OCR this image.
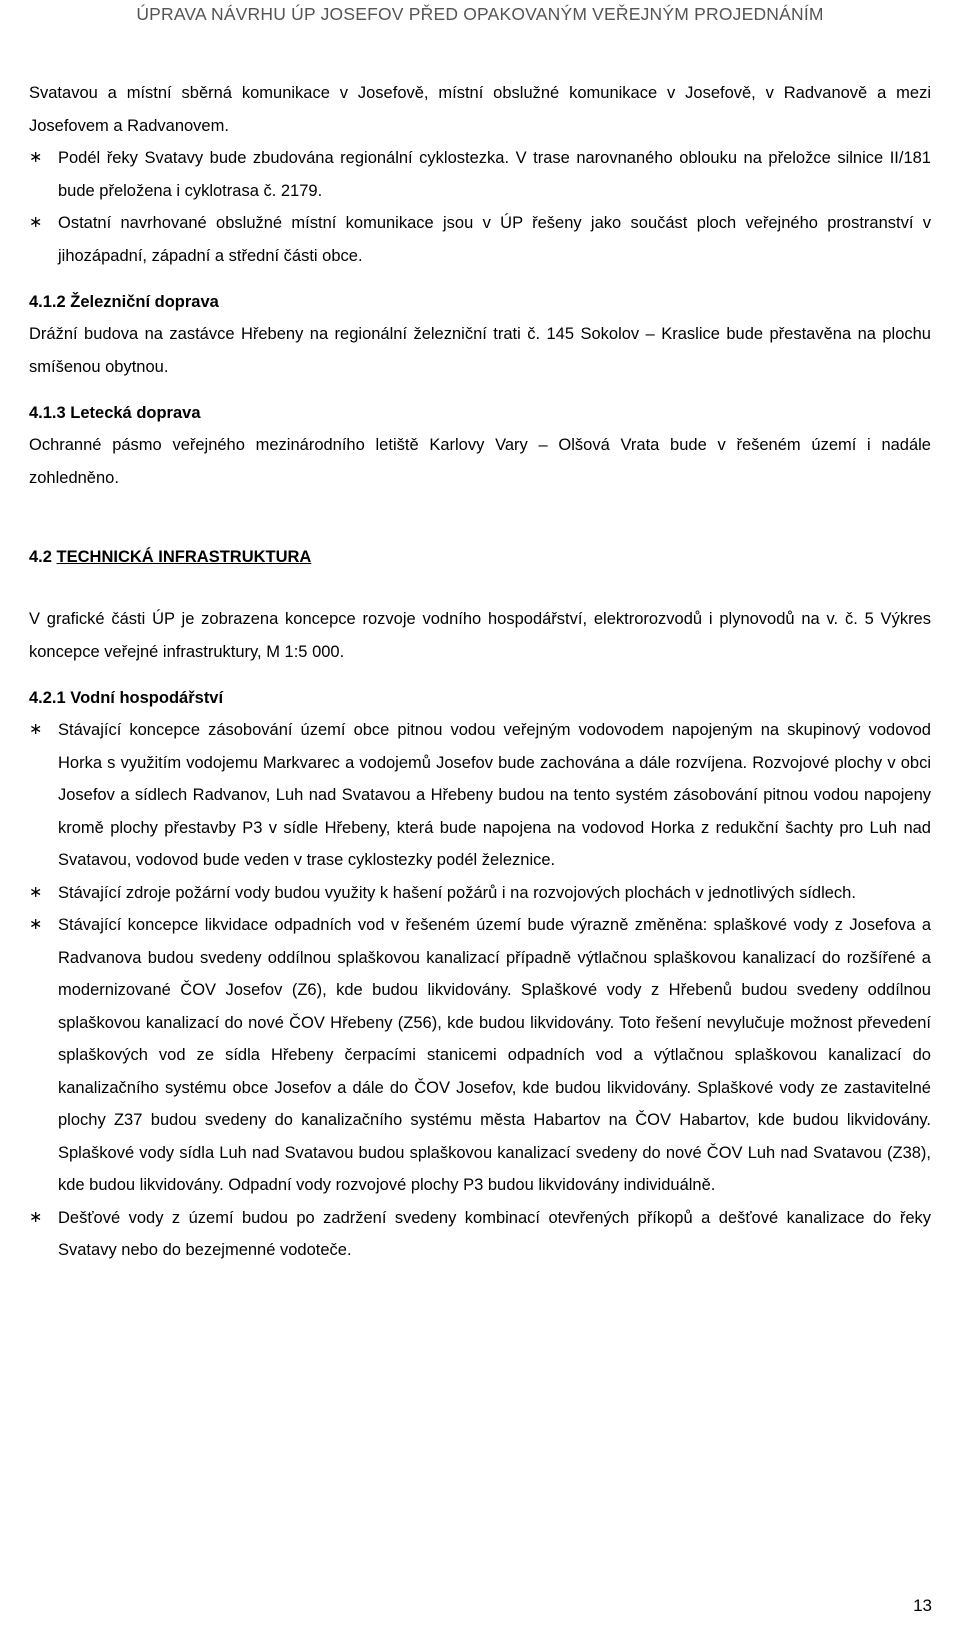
ÚPRAVA NÁVRHU ÚP JOSEFOV PŘED OPAKOVANÝM VEŘEJNÝM PROJEDNÁNÍM

Svatavou a místní sběrná komunikace v Josefově, místní obslužné komunikace v Josefově, v Radvanově a mezi Josefovem a Radvanovem.

∗ Podél řeky Svatavy bude zbudována regionální cyklostezka. V trase narovnaného oblouku na přeložce silnice II/181 bude přeložena i cyklotrasa č. 2179.
∗ Ostatní navrhované obslužné místní komunikace jsou v ÚP řešeny jako součást ploch veřejného prostranství v jihozápadní, západní a střední části obce.
4.1.2 Železniční doprava

Drážní budova na zastávce Hřebeny na regionální železniční trati č. 145 Sokolov – Kraslice bude přestavěna na plochu smíšenou obytnou.

4.1.3 Letecká doprava

Ochranné pásmo veřejného mezinárodního letiště Karlovy Vary – Olšová Vrata bude v řešeném území i nadále zohledněno.

4.2 TECHNICKÁ INFRASTRUKTURA

V grafické části ÚP je zobrazena koncepce rozvoje vodního hospodářství, elektrorozvodů i plynovodů na v. č. 5 Výkres koncepce veřejné infrastruktury, M 1:5 000.

4.2.1 Vodní hospodářství
∗ Stávající koncepce zásobování území obce pitnou vodou veřejným vodovodem napojeným na skupinový vodovod Horka s využitím vodojemu Markvarec a vodojemů Josefov bude zachována a dále rozvíjena. Rozvojové plochy v obci Josefov a sídlech Radvanov, Luh nad Svatavou a Hřebeny budou na tento systém zásobování pitnou vodou napojeny kromě plochy přestavby P3 v sídle Hřebeny, která bude napojena na vodovod Horka z redukční šachty pro Luh nad Svatavou, vodovod bude veden v trase cyklostezky podél železnice.
∗ Stávající zdroje požární vody budou využity k hašení požárů i na rozvojových plochách v jednotlivých sídlech.
∗ Stávající koncepce likvidace odpadních vod v řešeném území bude výrazně změněna: splaškové vody z Josefova a Radvanova budou svedeny oddílnou splaškovou kanalizací případně výtlačnou splaškovou kanalizací do rozšířené a modernizované ČOV Josefov (Z6), kde budou likvidovány. Splaškové vody z Hřebenů budou svedeny oddílnou splaškovou kanalizací do nové ČOV Hřebeny (Z56), kde budou likvidovány. Toto řešení nevylučuje možnost převedení splaškových vod ze sídla Hřebeny čerpacími stanicemi odpadních vod a výtlačnou splaškovou kanalizací do kanalizačního systému obce Josefov a dále do ČOV Josefov, kde budou likvidovány. Splaškové vody ze zastavitelné plochy Z37 budou svedeny do kanalizačního systému města Habartov na ČOV Habartov, kde budou likvidovány. Splaškové vody sídla Luh nad Svatavou budou splaškovou kanalizací svedeny do nové ČOV Luh nad Svatavou (Z38), kde budou likvidovány. Odpadní vody rozvojové plochy P3 budou likvidovány individuálně.
∗ Dešťové vody z území budou po zadržení svedeny kombinací otevřených příkopů a dešťové kanalizace do řeky Svatavy nebo do bezejmenné vodoteče.
13
